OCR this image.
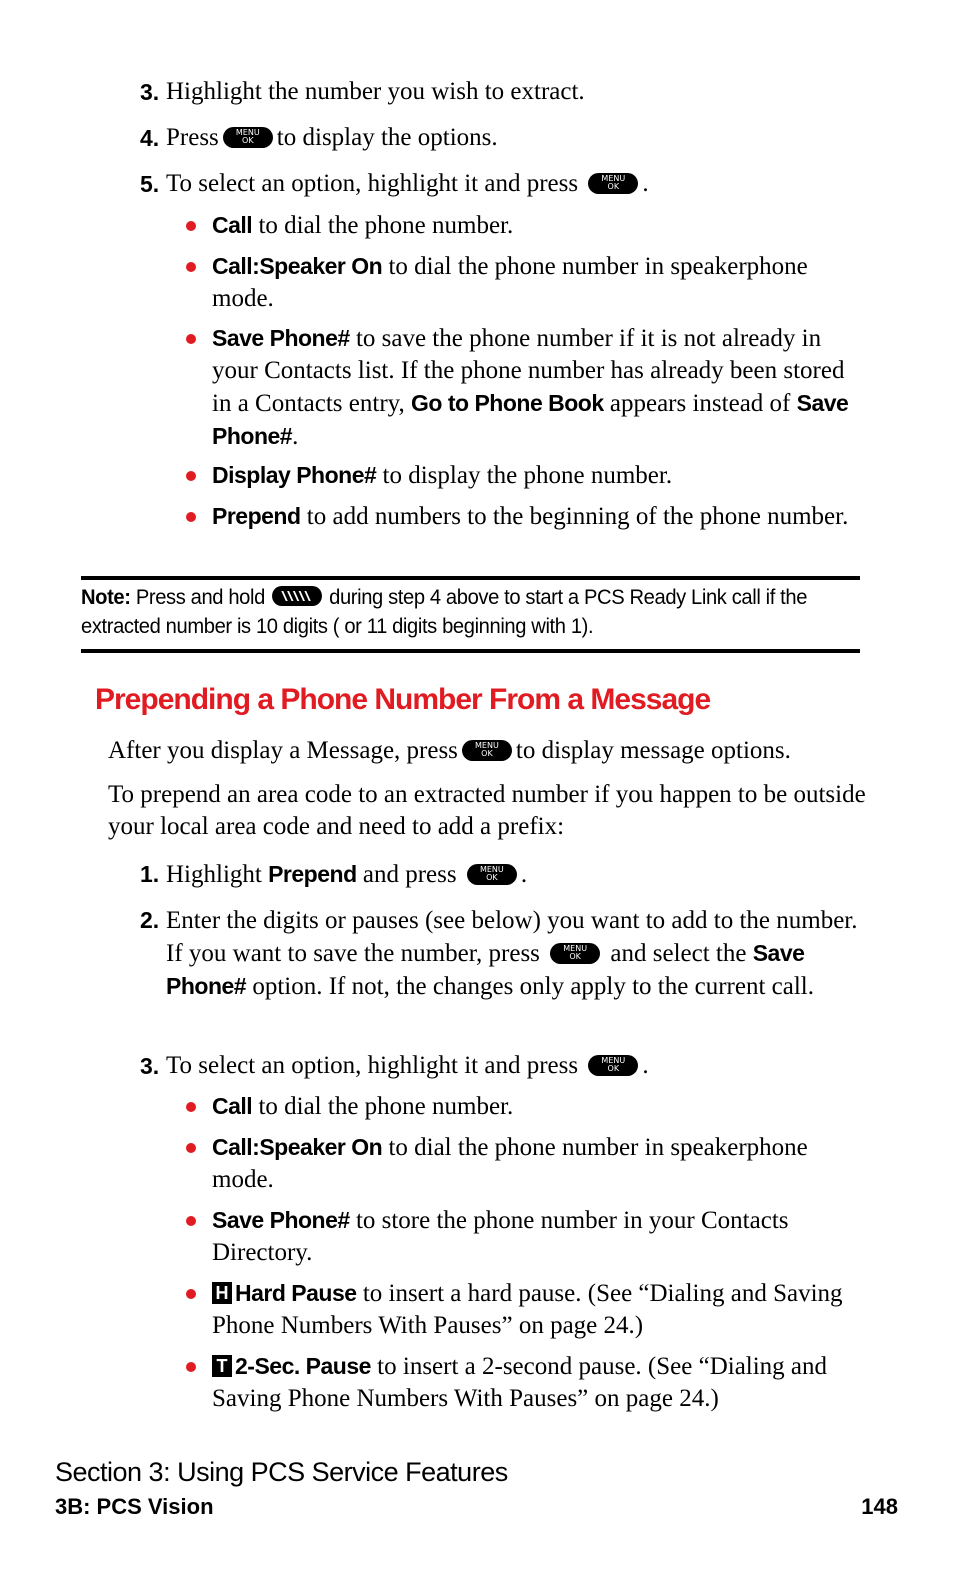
3. Highlight the number you wish to extract.
4. Press	MENU
OK to display the options.
5. To select an option, highlight it and press	MENU
OK .
Call to dial the phone number.
Call:Speaker On to dial the phone number in speakerphone mode.
Save Phone# to save the phone number if it is not already in your Contacts list. If the phone number has already been stored in a Contacts entry, Go to Phone Book appears instead of Save Phone#.
Display Phone# to display the phone number.
Prepend to add numbers to the beginning of the phone number.
Note: Press and hold	during step 4 above to start a PCS Ready Link call if the extracted number is 10 digits ( or 11 digits beginning with 1).
Prepending a Phone Number From a Message
After you display a Message, press	MENU
OK to display message options.
To prepend an area code to an extracted number if you happen to be outside your local area code and need to add a prefix:
1. Highlight Prepend and press	MENU
OK .
2. Enter the digits or pauses (see below) you want to add to the number. If you want to save the number, press	MENU
OK	and select the Save Phone# option. If not, the changes only apply to the current call.
3. To select an option, highlight it and press	MENU
OK .
Call to dial the phone number.
Call:Speaker On to dial the phone number in speakerphone mode.
Save Phone# to store the phone number in your Contacts Directory.
H Hard Pause to insert a hard pause. (See “Dialing and Saving Phone Numbers With Pauses” on page 24.)
T 2-Sec. Pause to insert a 2-second pause. (See “Dialing and Saving Phone Numbers With Pauses” on page 24.)
Section 3: Using PCS Service Features
3B: PCS Vision	148
